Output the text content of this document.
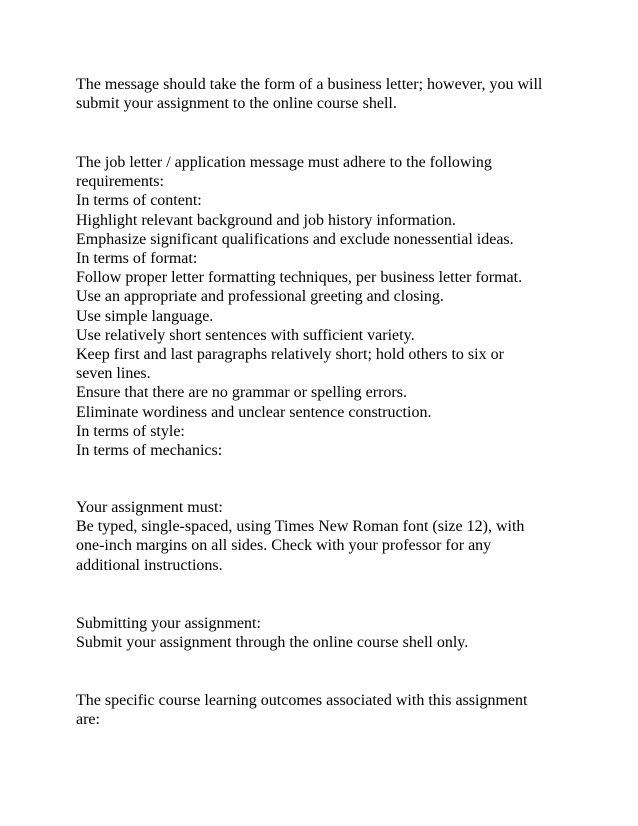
The message should take the form of a business letter; however, you will
submit your assignment to the online course shell.
The job letter / application message must adhere to the following
requirements:
In terms of content:
Highlight relevant background and job history information.
Emphasize significant qualifications and exclude nonessential ideas.
In terms of format:
Follow proper letter formatting techniques, per business letter format.
Use an appropriate and professional greeting and closing.
Use simple language.
Use relatively short sentences with sufficient variety.
Keep first and last paragraphs relatively short; hold others to six or
seven lines.
Ensure that there are no grammar or spelling errors.
Eliminate wordiness and unclear sentence construction.
In terms of style:
In terms of mechanics:
Your assignment must:
Be typed, single-spaced, using Times New Roman font (size 12), with
one-inch margins on all sides. Check with your professor for any
additional instructions.
Submitting your assignment:
Submit your assignment through the online course shell only.
The specific course learning outcomes associated with this assignment
are:
